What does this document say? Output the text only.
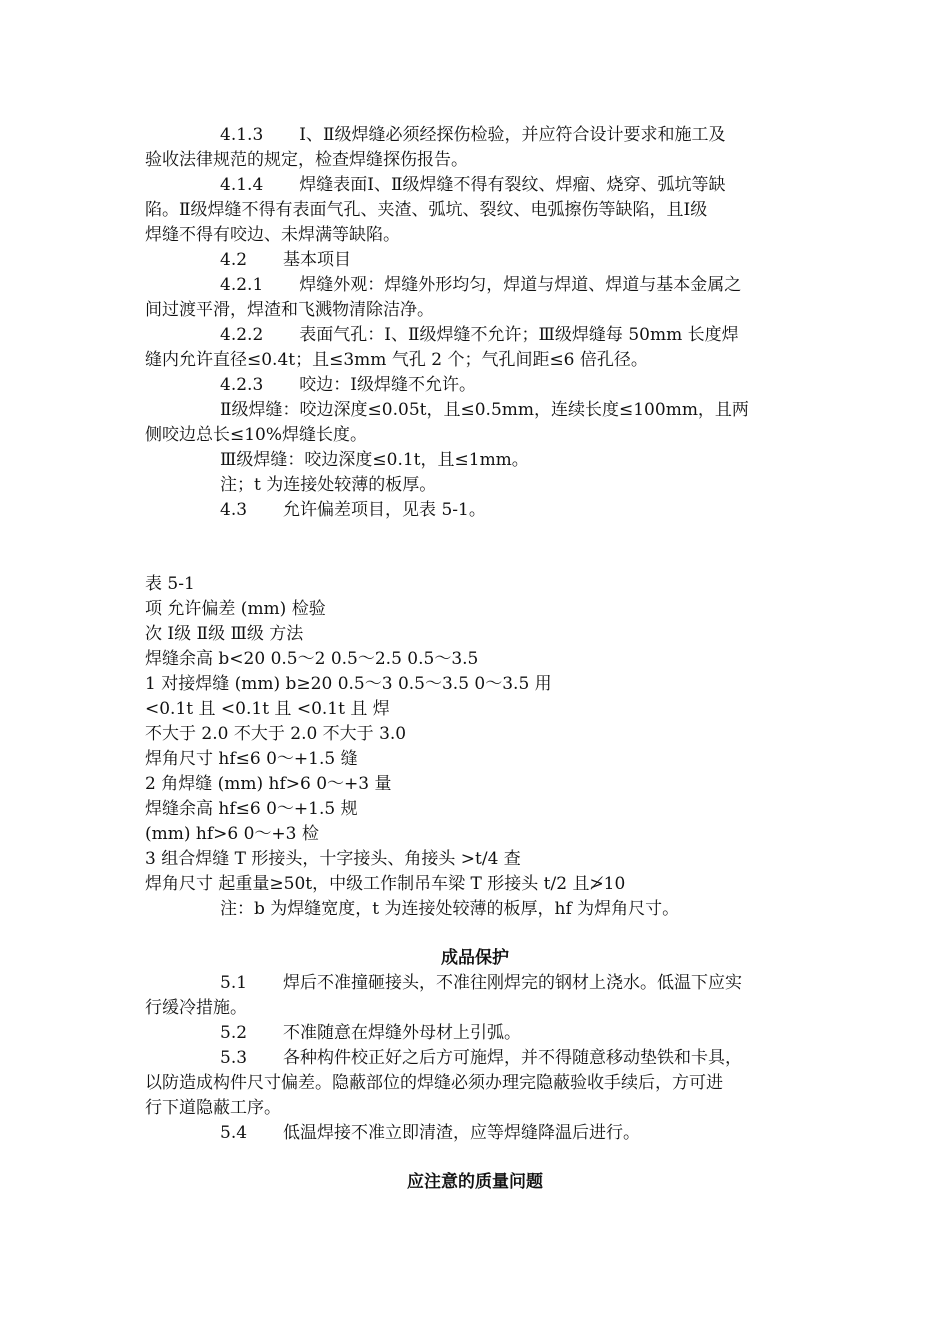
4.1.3 Ⅰ、Ⅱ级焊缝必须经探伤检验，并应符合设计要求和施工及
验收法律规范的规定，检查焊缝探伤报告。
4.1.4 焊缝表面Ⅰ、Ⅱ级焊缝不得有裂纹、焊瘤、烧穿、弧坑等缺
陷。Ⅱ级焊缝不得有表面气孔、夹渣、弧坑、裂纹、电弧擦伤等缺陷，且Ⅰ级
焊缝不得有咬边、未焊满等缺陷。
4.2 基本项目
4.2.1 焊缝外观：焊缝外形均匀，焊道与焊道、焊道与基本金属之
间过渡平滑，焊渣和飞溅物清除洁净。
4.2.2 表面气孔：Ⅰ、Ⅱ级焊缝不允许；Ⅲ级焊缝每 50mm 长度焊
缝内允许直径≤0.4t；且≤3mm 气孔 2 个；气孔间距≤6 倍孔径。
4.2.3 咬边：Ⅰ级焊缝不允许。
Ⅱ级焊缝：咬边深度≤0.05t，且≤0.5mm，连续长度≤100mm，且两
侧咬边总长≤10%焊缝长度。
Ⅲ级焊缝：咬边深度≤0.1t，且≤1mm。
注；t 为连接处较薄的板厚。
4.3 允许偏差项目，见表 5-1。
表 5-1
项 允许偏差 (mm) 检验
次 Ⅰ级 Ⅱ级 Ⅲ级 方法
焊缝余高 b<20 0.5～2 0.5～2.5 0.5～3.5
1 对接焊缝 (mm) b≥20 0.5～3 0.5～3.5 0～3.5 用
<0.1t 且 <0.1t 且 <0.1t 且 焊
不大于 2.0 不大于 2.0 不大于 3.0
焊角尺寸 hf≤6 0～+1.5 缝
2 角焊缝 (mm) hf>6 0～+3 量
焊缝余高 hf≤6 0～+1.5 规
(mm) hf>6 0～+3 检
3 组合焊缝 T 形接头，十字接头、角接头 >t/4 查
焊角尺寸 起重量≥50t，中级工作制吊车梁 T 形接头 t/2 且≯10
注：b 为焊缝宽度，t 为连接处较薄的板厚，hf 为焊角尺寸。
成品保护
5.1 焊后不准撞砸接头，不准往刚焊完的钢材上浇水。低温下应实
行缓冷措施。
5.2 不准随意在焊缝外母材上引弧。
5.3 各种构件校正好之后方可施焊，并不得随意移动垫铁和卡具，
以防造成构件尺寸偏差。隐蔽部位的焊缝必须办理完隐蔽验收手续后，方可进
行下道隐蔽工序。
5.4 低温焊接不准立即清渣，应等焊缝降温后进行。
应注意的质量问题
